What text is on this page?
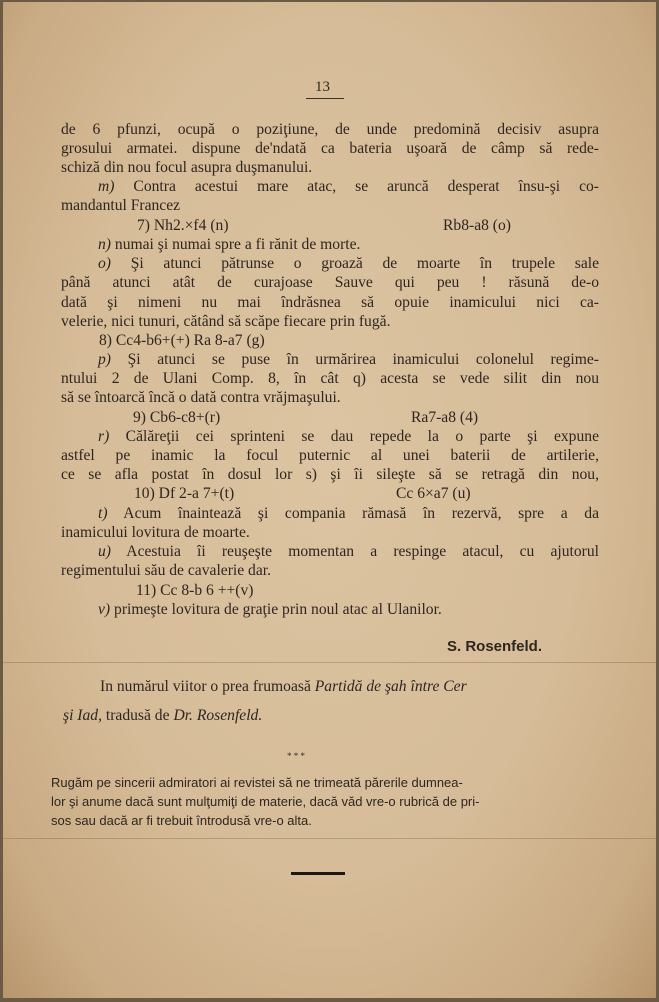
13
de 6 pfunzi, ocupă o poziţiune, de unde predomină decisiv asupra
grosului armatei. dispune de'ndată ca bateria uşoară de câmp să rede-
schiză din nou focul asupra duşmanului.
m) Contra acestui mare atac, se aruncă desperat însu-şi co-
mandantul Francez
7) Nh2.×f4 (n)	Rb8-a8 (o)
n) numai şi numai spre a fi rănit de morte.
o) Şi atunci pătrunse o groază de moarte în trupele sale
până atunci atât de curajoase Sauve qui peu ! răsună de-o
dată şi nimeni nu mai îndrăsnea să opuie inamicului nici ca-
velerie, nici tunuri, cătând să scăpe fiecare prin fugă.
8) Cc4-b6+(+) Ra 8-a7 (g)
p) Şi atunci se puse în urmărirea inamicului colonelul regime-
ntului 2 de Ulani Comp. 8, în cât q) acesta se vede silit din nou
să se întoarcă încă o dată contra vrăjmaşului.
9) Cb6-c8+(r)	Ra7-a8 (4)
r) Călăreţii cei sprinteni se dau repede la o parte şi expune
astfel pe inamic la focul puternic al unei baterii de artilerie,
ce se afla postat în dosul lor s) şi îi sileşte să se retragă din nou,
10) Df 2-a 7+(t)	Cc 6×a7 (u)
t) Acum înaintează şi compania rămasă în rezervă, spre a da
inamicului lovitura de moarte.
u) Acestuia îi reuşeşte momentan a respinge atacul, cu ajutorul
regimentului său de cavalerie dar.
11) Cc 8-b 6 ++(v)
v) primeşte lovitura de graţie prin noul atac al Ulanilor.
S. Rosenfeld.
In numărul viitor o prea frumoasă Partidă de şah între Cer
şi Iad, tradusă de Dr. Rosenfeld.
* * *
Rugăm pe sincerii admiratori ai revistei să ne trimeată părerile dumnea-
lor şi anume dacă sunt mulţumiţi de materie, dacă văd vre-o rubrică de pri-
sos sau dacă ar fi trebuit întrodusă vre-o alta.
